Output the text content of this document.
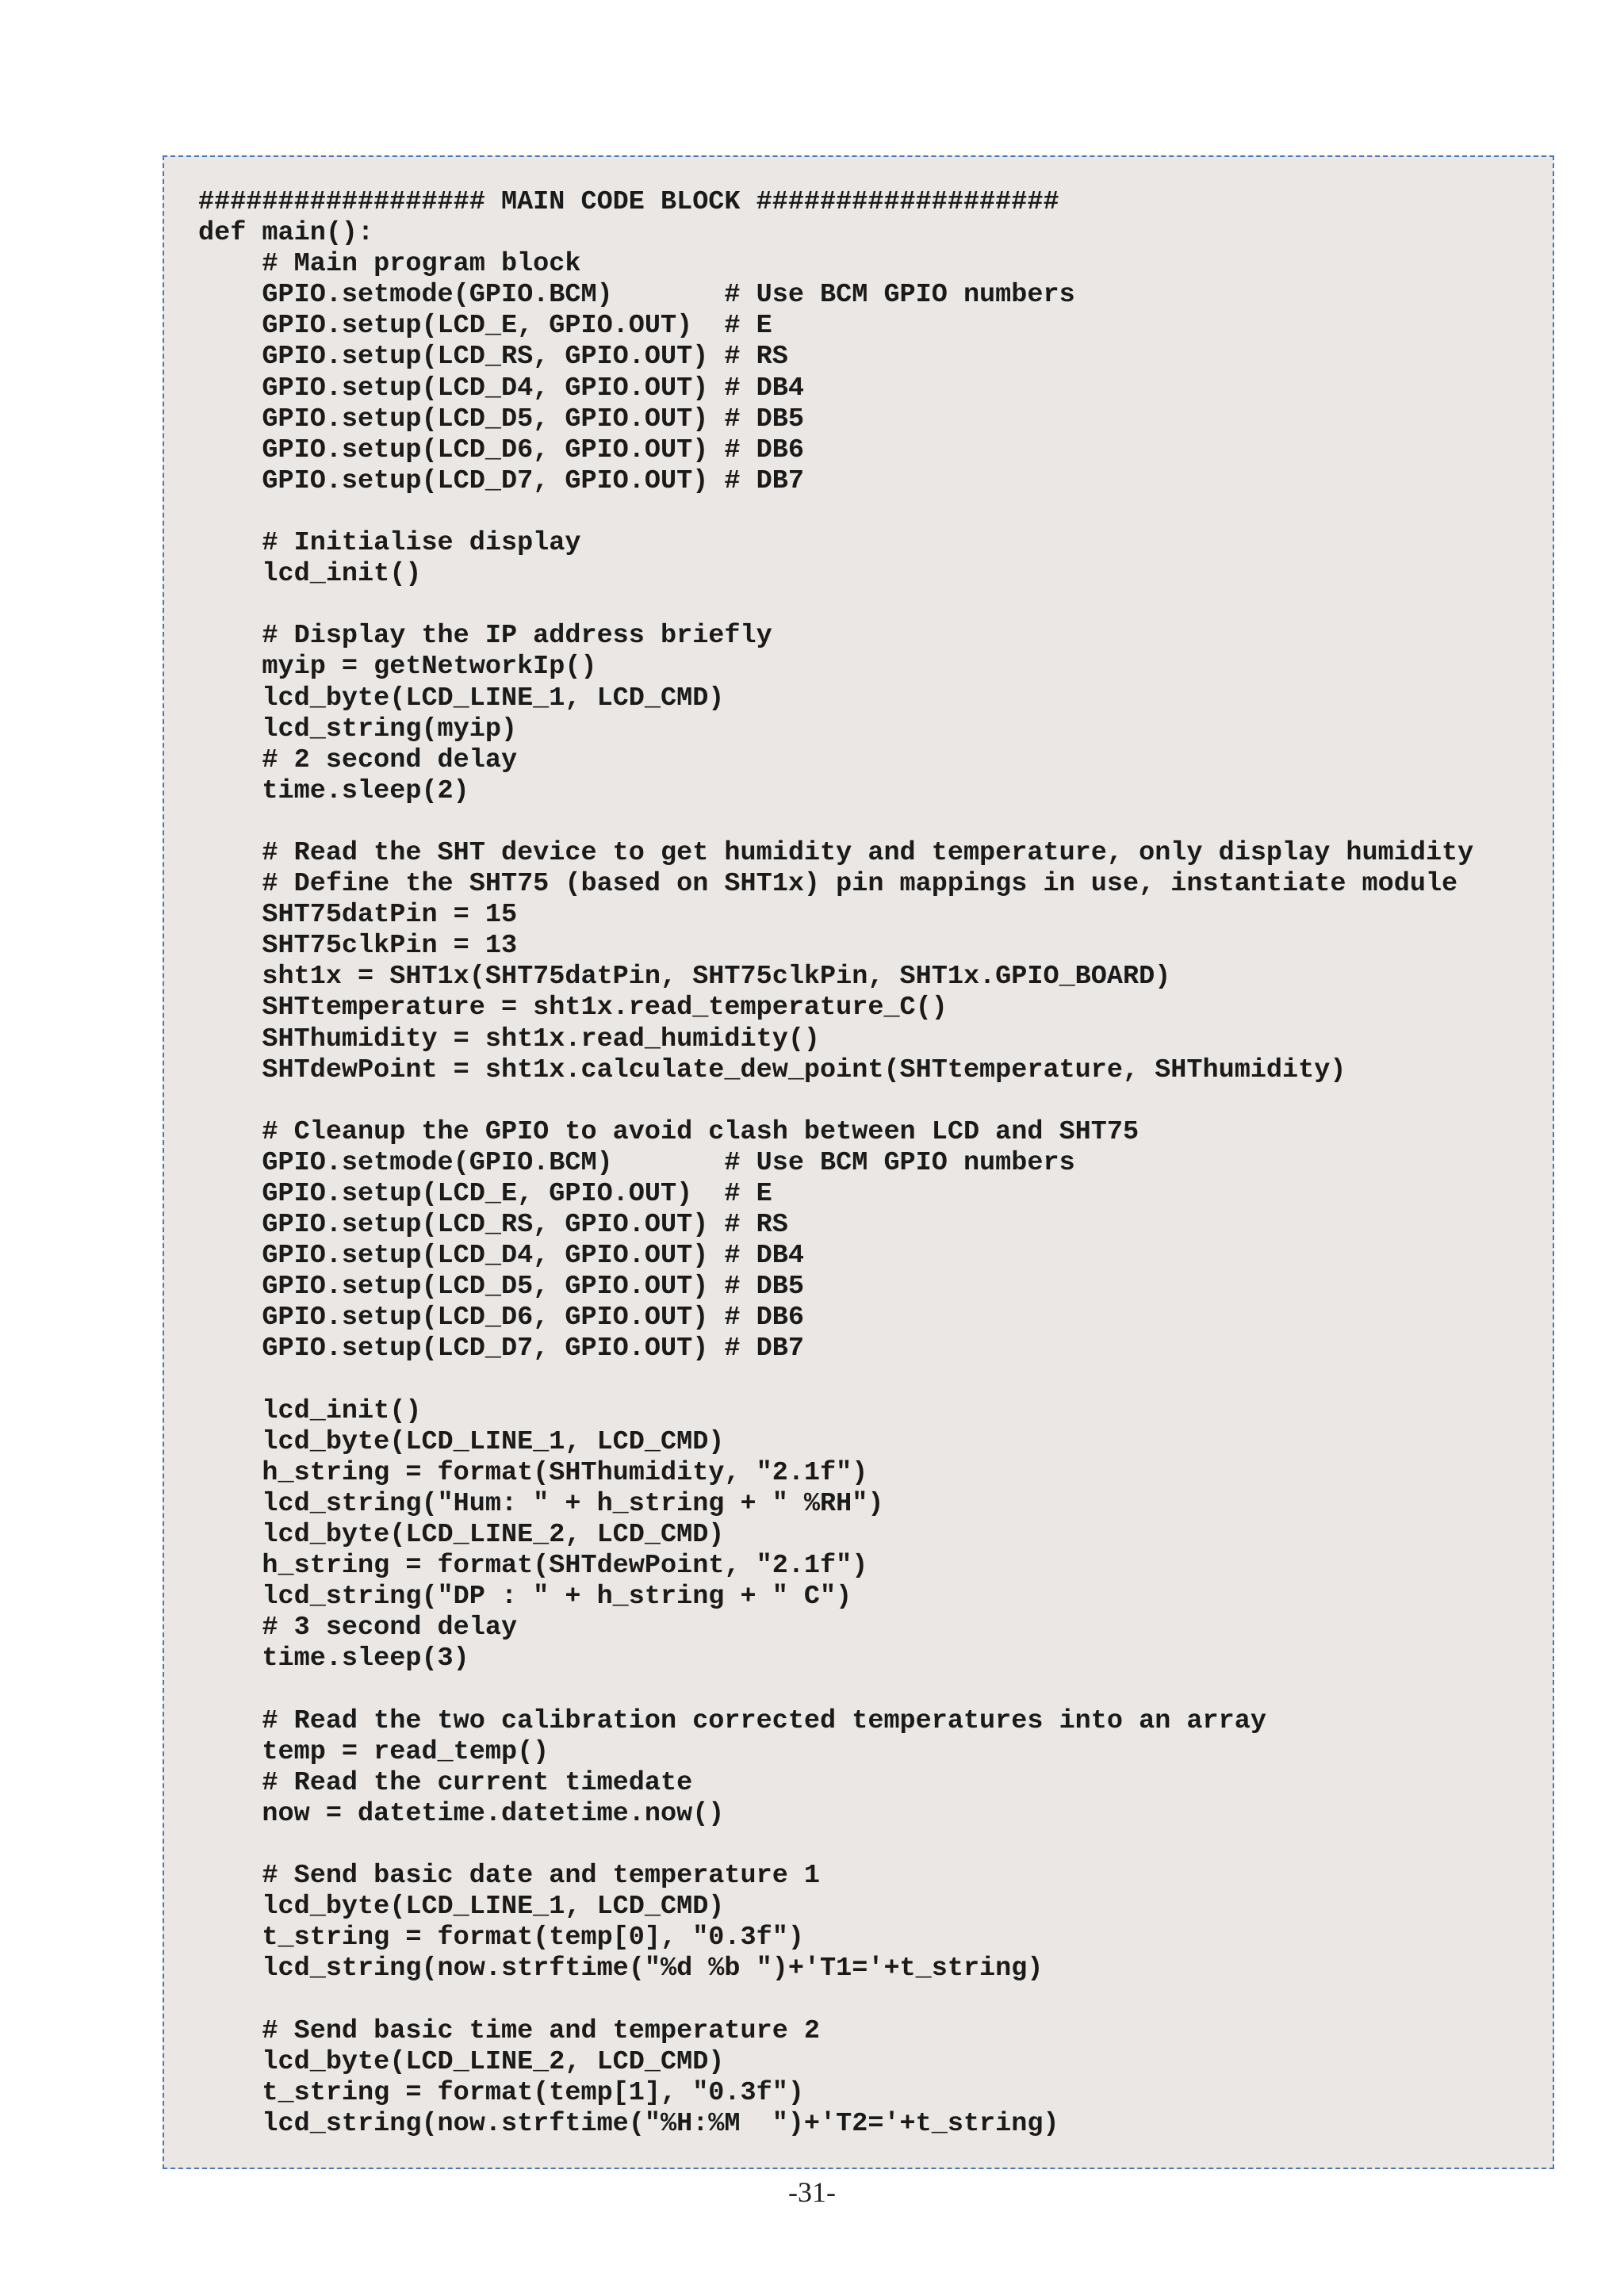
################## MAIN CODE BLOCK ###################
def main():
# Main program block
GPIO.setmode(GPIO.BCM)       # Use BCM GPIO numbers
GPIO.setup(LCD_E, GPIO.OUT)  # E
GPIO.setup(LCD_RS, GPIO.OUT) # RS
GPIO.setup(LCD_D4, GPIO.OUT) # DB4
GPIO.setup(LCD_D5, GPIO.OUT) # DB5
GPIO.setup(LCD_D6, GPIO.OUT) # DB6
GPIO.setup(LCD_D7, GPIO.OUT) # DB7
# Initialise display
lcd_init()
# Display the IP address briefly
myip = getNetworkIp()
lcd_byte(LCD_LINE_1, LCD_CMD)
lcd_string(myip)
# 2 second delay
time.sleep(2)
# Read the SHT device to get humidity and temperature, only display humidity
# Define the SHT75 (based on SHT1x) pin mappings in use, instantiate module
SHT75datPin = 15
SHT75clkPin = 13
sht1x = SHT1x(SHT75datPin, SHT75clkPin, SHT1x.GPIO_BOARD)
SHTtemperature = sht1x.read_temperature_C()
SHThumidity = sht1x.read_humidity()
SHTdewPoint = sht1x.calculate_dew_point(SHTtemperature, SHThumidity)
# Cleanup the GPIO to avoid clash between LCD and SHT75
GPIO.setmode(GPIO.BCM)       # Use BCM GPIO numbers
GPIO.setup(LCD_E, GPIO.OUT)  # E
GPIO.setup(LCD_RS, GPIO.OUT) # RS
GPIO.setup(LCD_D4, GPIO.OUT) # DB4
GPIO.setup(LCD_D5, GPIO.OUT) # DB5
GPIO.setup(LCD_D6, GPIO.OUT) # DB6
GPIO.setup(LCD_D7, GPIO.OUT) # DB7
lcd_init()
lcd_byte(LCD_LINE_1, LCD_CMD)
h_string = format(SHThumidity, "2.1f")
lcd_string("Hum: " + h_string + " %RH")
lcd_byte(LCD_LINE_2, LCD_CMD)
h_string = format(SHTdewPoint, "2.1f")
lcd_string("DP : " + h_string + " C")
# 3 second delay
time.sleep(3)
# Read the two calibration corrected temperatures into an array
temp = read_temp()
# Read the current timedate
now = datetime.datetime.now()
# Send basic date and temperature 1
lcd_byte(LCD_LINE_1, LCD_CMD)
t_string = format(temp[0], "0.3f")
lcd_string(now.strftime("%d %b ")+'T1='+t_string)
# Send basic time and temperature 2
lcd_byte(LCD_LINE_2, LCD_CMD)
t_string = format(temp[1], "0.3f")
lcd_string(now.strftime("%H:%M  ")+'T2='+t_string)
-31-
